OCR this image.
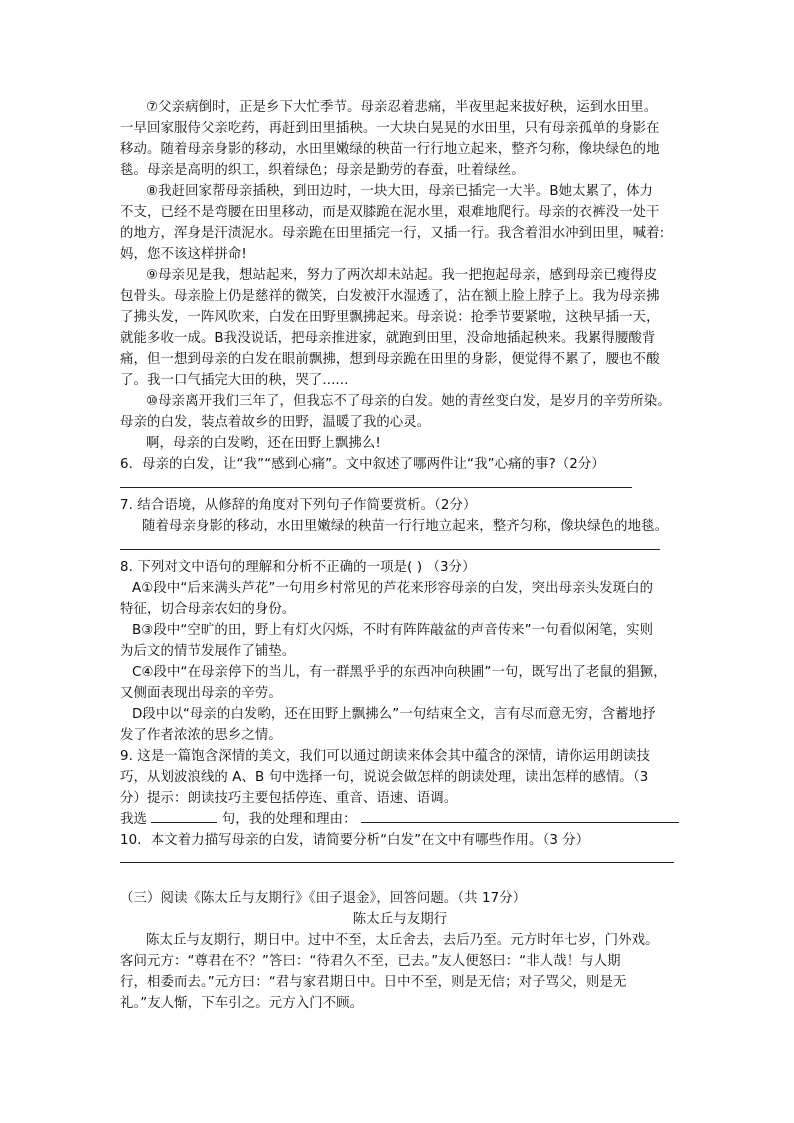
⑦父亲病倒时，正是乡下大忙季节。母亲忍着悲痛，半夜里起来拔好秧，运到水田里。
一早回家服侍父亲吃药，再赶到田里插秧。一大块白晃晃的水田里，只有母亲孤单的身影在
移动。随着母亲身影的移动，水田里嫩绿的秧苗一行行地立起来，整齐匀称，像块绿色的地
毯。母亲是高明的织工，织着绿色；母亲是勤劳的春蚕，吐着绿丝。
⑧我赶回家帮母亲插秧，到田边时，一块大田，母亲已插完一大半。B她太累了，体力
不支，已经不是弯腰在田里移动，而是双膝跪在泥水里，艰难地爬行。母亲的衣裤没一处干
的地方，浑身是汗渍泥水。母亲跪在田里插完一行，又插一行。我含着泪水冲到田里，喊着:
妈，您不该这样拼命!
⑨母亲见是我，想站起来，努力了两次却未站起。我一把抱起母亲，感到母亲已瘦得皮
包骨头。母亲脸上仍是慈祥的微笑，白发被汗水湿透了，沾在额上脸上脖子上。我为母亲拂
了拂头发，一阵风吹来，白发在田野里飘拂起来。母亲说：抢季节要紧啦，这秧早插一天，
就能多收一成。B我没说话，把母亲推进家，就跑到田里，没命地插起秧来。我累得腰酸背
痛，但一想到母亲的白发在眼前飘拂，想到母亲跪在田里的身影，便觉得不累了，腰也不酸
了。我一口气插完大田的秧，哭了......
⑩母亲离开我们三年了，但我忘不了母亲的白发。她的青丝变白发，是岁月的辛劳所染。
母亲的白发，装点着故乡的田野，温暖了我的心灵。
啊，母亲的白发哟，还在田野上飘拂么!
6．母亲的白发，让“我”“感到心痛”。文中叙述了哪两件让“我”心痛的事?（2分）
7. 结合语境，从修辞的角度对下列句子作简要赏析。（2分）
随着母亲身影的移动，水田里嫩绿的秧苗一行行地立起来，整齐匀称，像块绿色的地毯。
8. 下列对文中语句的理解和分析不正确的一项是( ) （3分）
A①段中“后来满头芦花”一句用乡村常见的芦花来形容母亲的白发，突出母亲头发斑白的
特征，切合母亲农妇的身份。
B③段中“空旷的田，野上有灯火闪烁，不时有阵阵敲盆的声音传来”一句看似闲笔，实则
为后文的情节发展作了铺垫。
C④段中“在母亲停下的当儿，有一群黑乎乎的东西冲向秧圃”一句，既写出了老鼠的猖獗，
又侧面表现出母亲的辛劳。
D段中以“母亲的白发哟，还在田野上飘拂么”一句结束全文，言有尽而意无穷，含蓄地抒
发了作者浓浓的思乡之情。
9. 这是一篇饱含深情的美文，我们可以通过朗读来体会其中蕴含的深情，请你运用朗读技
巧，从划波浪线的 A、B 句中选择一句，说说会做怎样的朗读处理，读出怎样的感情。（3
分）提示：朗读技巧主要包括停连、重音、语速、语调。
我选	句，我的处理和理由：
10．本文着力描写母亲的白发，请简要分析“白发”在文中有哪些作用。（3 分）
（三）阅读《陈太丘与友期行》《田子退金》，回答问题。（共 17分）
陈太丘与友期行
陈太丘与友期行，期日中。过中不至，太丘舍去，去后乃至。元方时年七岁，门外戏。
客问元方：“尊君在不？”答曰：“待君久不至，已去。”友人便怒曰：“非人哉！与人期
行，相委而去。”元方曰：“君与家君期日中。日中不至，则是无信；对子骂父，则是无
礼。”友人惭，下车引之。元方入门不顾。
